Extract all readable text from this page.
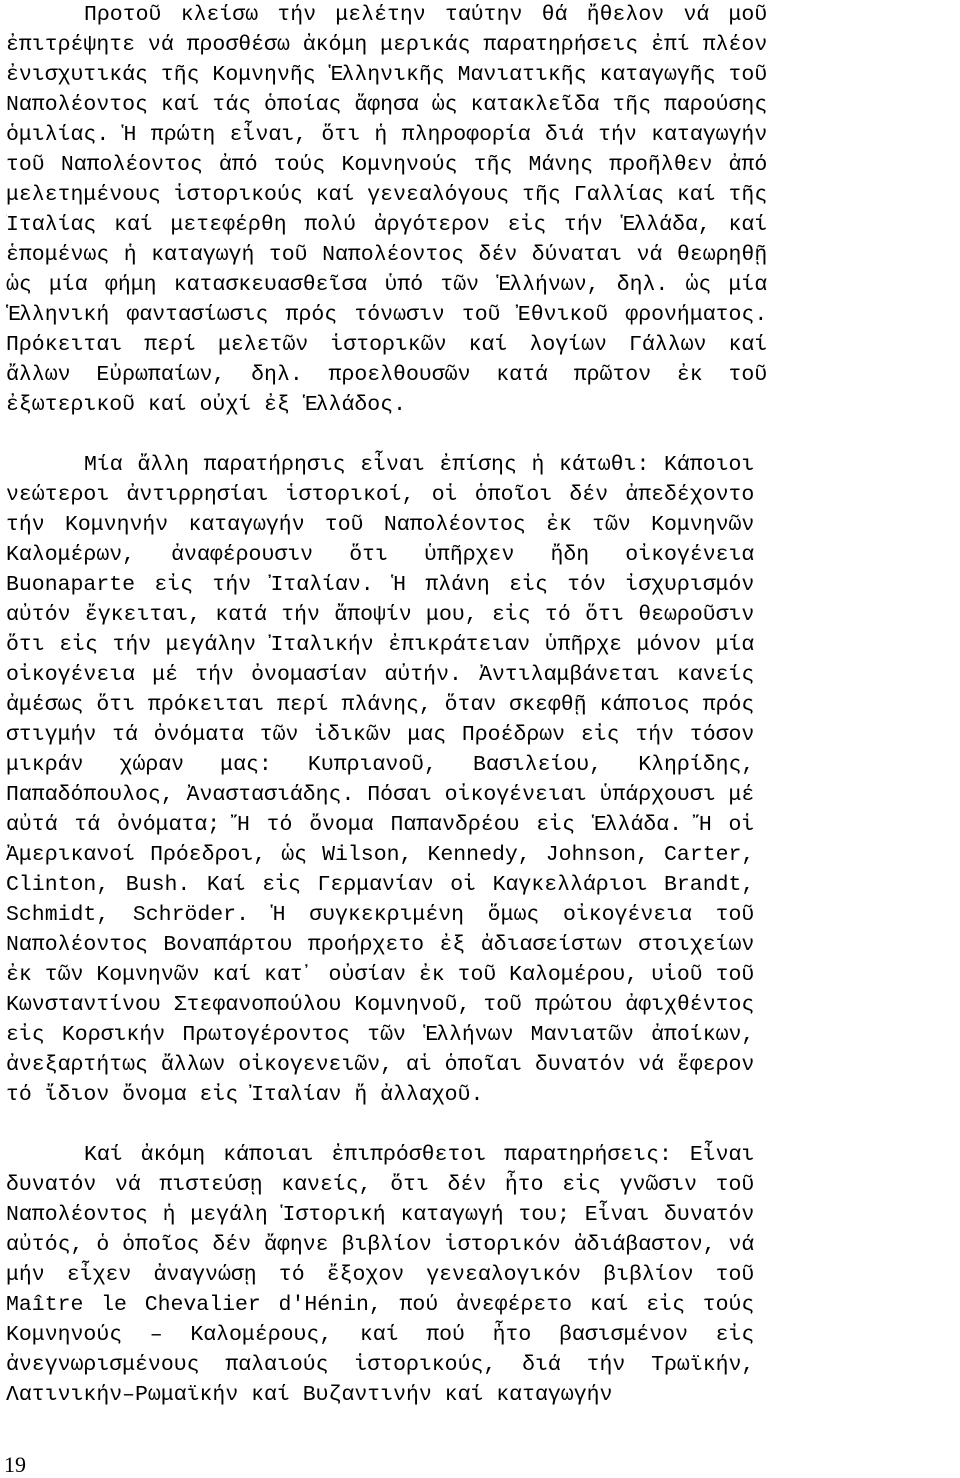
Προτοῦ κλείσω τήν μελέτην ταύτην θά ἤθελον νά μοῦ
ἐπιτρέψητε νά προσθέσω ἀκόμη μερικάς παρατηρήσεις ἐπί πλέον
ἐνισχυτικάς τῆς Κομνηνῆς Ἑλληνικῆς Μανιατικῆς καταγωγῆς τοῦ
Ναπολέοντος καί τάς ὁποίας ἄφησα ὡς κατακλεῖδα τῆς παρούσης
ὁμιλίας. Ἡ πρώτη εἶναι, ὅτι ἡ πληροφορία διά τήν καταγωγήν
τοῦ Ναπολέοντος ἀπό τούς Κομνηνούς τῆς Μάνης προῆλθεν ἀπό
μελετημένους ἱστορικούς καί γενεαλόγους τῆς Γαλλίας καί τῆς
Ἰταλίας καί μετεφέρθη πολύ ἀργότερον εἰς τήν Ἑλλάδα, καί
ἑπομένως ἡ καταγωγή τοῦ Ναπολέοντος δέν δύναται νά θεωρηθῇ
ὡς μία φήμη κατασκευασθεῖσα ὑπό τῶν Ἑλλήνων, δηλ. ὡς μία
Ἑλληνική φαντασίωσις πρός τόνωσιν τοῦ Ἐθνικοῦ φρονήματος.
Πρόκειται περί μελετῶν ἱστορικῶν καί λογίων Γάλλων καί
ἄλλων Εὐρωπαίων, δηλ. προελθουσῶν κατά πρῶτον ἐκ τοῦ
ἐξωτερικοῦ καί οὐχί ἐξ Ἑλλάδος.
Μία ἄλλη παρατήρησις εἶναι ἐπίσης ἡ κάτωθι: Κάποιοι
νεώτεροι ἀντιρρησίαι ἱστορικοί, οἱ ὁποῖοι δέν ἀπεδέχοντο
τήν Κομνηνήν καταγωγήν τοῦ Ναπολέοντος ἐκ τῶν Κομνηνῶν
Καλομέρων, ἀναφέρουσιν ὅτι ὑπῆρχεν ἤδη οἰκογένεια
Buonaparte εἰς τήν Ἰταλίαν. Ἡ πλάνη εἰς τόν ἰσχυρισμόν
αὐτόν ἔγκειται, κατά τήν ἄποψίν μου, εἰς τό ὅτι θεωροῦσιν
ὅτι εἰς τήν μεγάλην Ἰταλικήν ἐπικράτειαν ὑπῆρχε μόνον μία
οἰκογένεια μέ τήν ὀνομασίαν αὐτήν. Ἀντιλαμβάνεται κανείς
ἀμέσως ὅτι πρόκειται περί πλάνης, ὅταν σκεφθῇ κάποιος πρός
στιγμήν τά ὀνόματα τῶν ἰδικῶν μας Προέδρων εἰς τήν τόσον
μικράν χώραν μας: Κυπριανοῦ, Βασιλείου, Κληρίδης,
Παπαδόπουλος, Ἀναστασιάδης. Πόσαι οἰκογένειαι ὑπάρχουσι μέ
αὐτά τά ὀνόματα; Ἤ τό ὄνομα Παπανδρέου εἰς Ἑλλάδα. Ἤ οἱ
Ἀμερικανοί Πρόεδροι, ὡς Wilson, Kennedy, Johnson, Carter,
Clinton, Bush. Καί εἰς Γερμανίαν οἱ Καγκελλάριοι Brandt,
Schmidt, Schröder. Ἡ συγκεκριμένη ὅμως οἰκογένεια τοῦ
Ναπολέοντος Βοναπάρτου προήρχετο ἐξ ἀδιασείστων στοιχείων
ἐκ τῶν Κομνηνῶν καί κατ᾽ οὐσίαν ἐκ τοῦ Καλομέρου, υἱοῦ τοῦ
Κωνσταντίνου Στεφανοπούλου Κομνηνοῦ, τοῦ πρώτου ἀφιχθέντος
εἰς Κορσικήν Πρωτογέροντος τῶν Ἑλλήνων Μανιατῶν ἀποίκων,
ἀνεξαρτήτως ἄλλων οἰκογενειῶν, αἱ ὁποῖαι δυνατόν νά ἔφερον
τό ἴδιον ὄνομα εἰς Ἰταλίαν ἤ ἀλλαχοῦ.
Καί ἀκόμη κάποιαι ἐπιπρόσθετοι παρατηρήσεις: Εἶναι
δυνατόν νά πιστεύσῃ κανείς, ὅτι δέν ἦτο εἰς γνῶσιν τοῦ
Ναπολέοντος ἡ μεγάλη Ἱστορική καταγωγή του; Εἶναι δυνατόν
αὐτός, ὁ ὁποῖος δέν ἄφηνε βιβλίον ἱστορικόν ἀδιάβαστον, νά
μήν εἶχεν ἀναγνώσῃ τό ἔξοχον γενεαλογικόν βιβλίον τοῦ
Maître le Chevalier d'Hénin, πού ἀνεφέρετο καί εἰς τούς
Κομνηνούς – Καλομέρους, καί πού ἦτο βασισμένον εἰς
ἀνεγνωρισμένους παλαιούς ἱστορικούς, διά τήν Τρωϊκήν,
Λατινικήν–Ρωμαϊκήν καί Βυζαντινήν καί καταγωγήν
19
